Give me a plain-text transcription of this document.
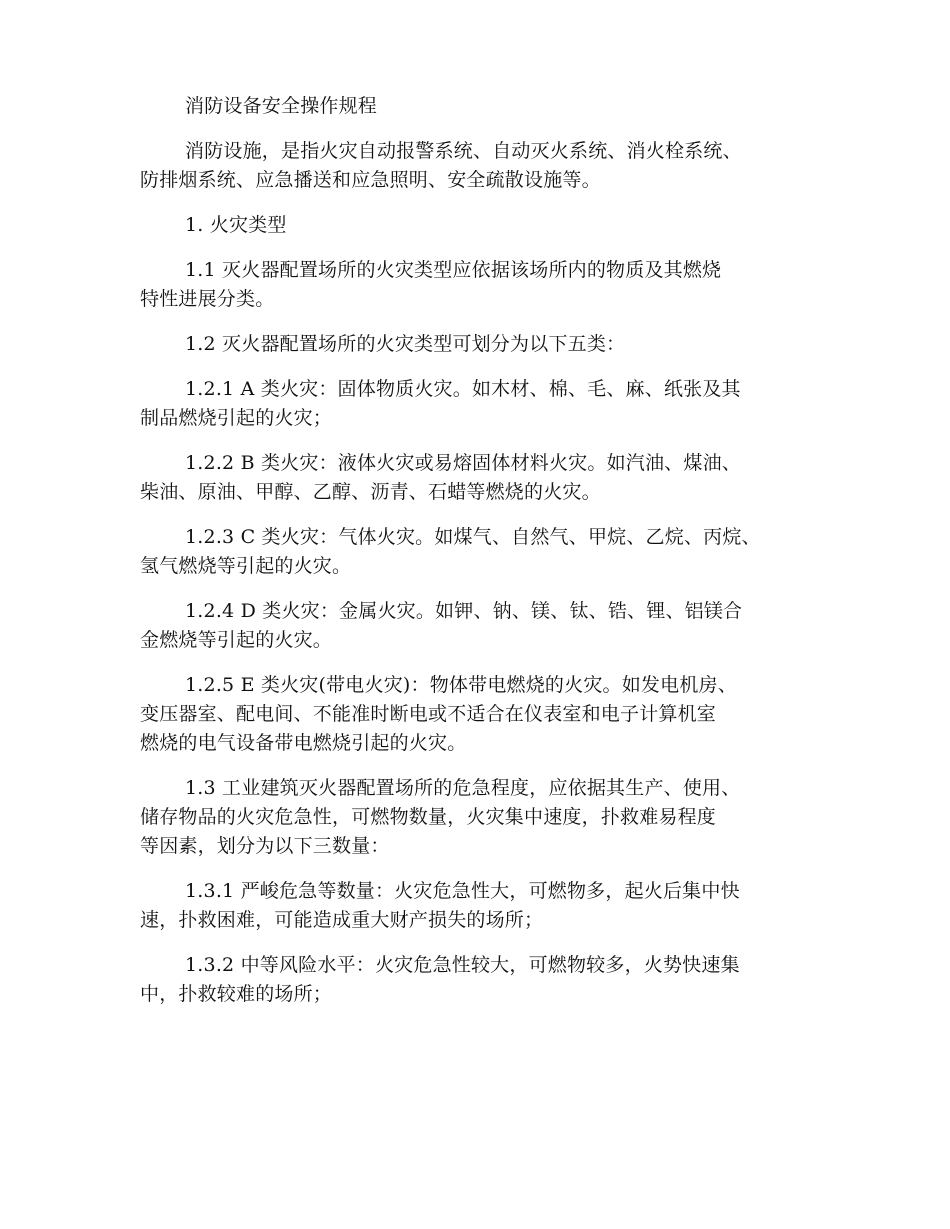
消防设备安全操作规程

消防设施，是指火灾自动报警系统、自动灭火系统、消火栓系统、
防排烟系统、应急播送和应急照明、安全疏散设施等。

1. 火灾类型

1.1 灭火器配置场所的火灾类型应依据该场所内的物质及其燃烧
特性进展分类。

1.2 灭火器配置场所的火灾类型可划分为以下五类：

1.2.1 A 类火灾：固体物质火灾。如木材、棉、毛、麻、纸张及其
制品燃烧引起的火灾；

1.2.2 B 类火灾：液体火灾或易熔固体材料火灾。如汽油、煤油、
柴油、原油、甲醇、乙醇、沥青、石蜡等燃烧的火灾。

1.2.3 C 类火灾：气体火灾。如煤气、自然气、甲烷、乙烷、丙烷、
氢气燃烧等引起的火灾。

1.2.4 D 类火灾：金属火灾。如钾、钠、镁、钛、锆、锂、铝镁合
金燃烧等引起的火灾。

1.2.5 E 类火灾(带电火灾)：物体带电燃烧的火灾。如发电机房、
变压器室、配电间、不能准时断电或不适合在仪表室和电子计算机室
燃烧的电气设备带电燃烧引起的火灾。

1.3 工业建筑灭火器配置场所的危急程度，应依据其生产、使用、
储存物品的火灾危急性，可燃物数量，火灾集中速度，扑救难易程度
等因素，划分为以下三数量：

1.3.1 严峻危急等数量：火灾危急性大，可燃物多，起火后集中快
速，扑救困难，可能造成重大财产损失的场所；

1.3.2 中等风险水平：火灾危急性较大，可燃物较多，火势快速集
中，扑救较难的场所；
